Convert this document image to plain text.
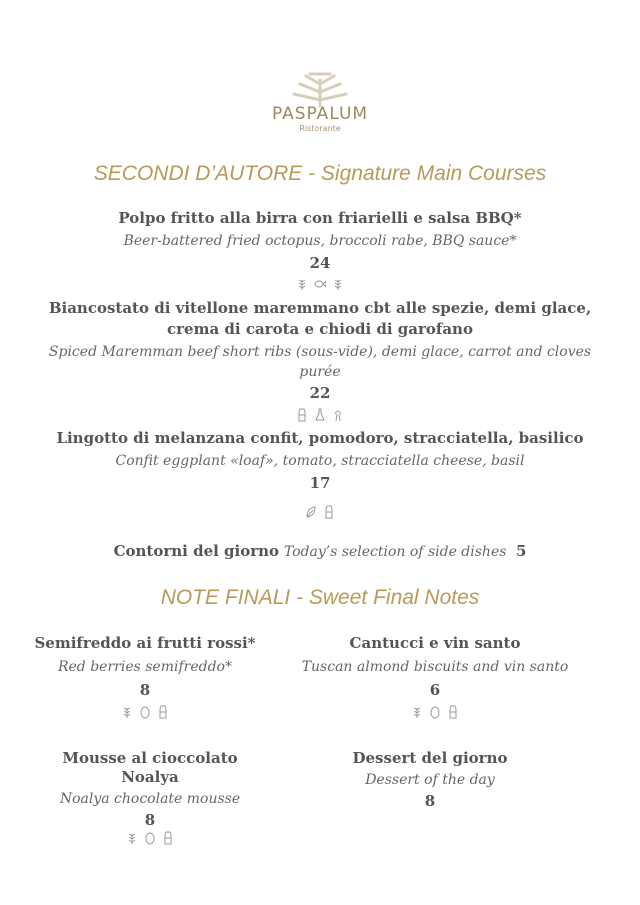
PASPALUM
Ristorante
SECONDI D’AUTORE - Signature Main Courses
Polpo fritto alla birra con friarielli e salsa BBQ*
Beer-battered fried octopus, broccoli rabe, BBQ sauce*
24
Biancostato di vitellone maremmano cbt alle spezie, demi glace,
crema di carota e chiodi di garofano
Spiced Maremman beef short ribs (sous-vide), demi glace, carrot and cloves
purée
22
Lingotto di melanzana confit, pomodoro, stracciatella, basilico
Confit eggplant «loaf», tomato, stracciatella cheese, basil
17
Contorni del giorno Today’s selection of side dishes 5
NOTE FINALI - Sweet Final Notes
Semifreddo ai frutti rossi*
Red berries semifreddo*
8
Cantucci e vin santo
Tuscan almond biscuits and vin santo
6
Mousse al cioccolato Noalya
Noalya chocolate mousse
8
Dessert del giorno
Dessert of the day
8
